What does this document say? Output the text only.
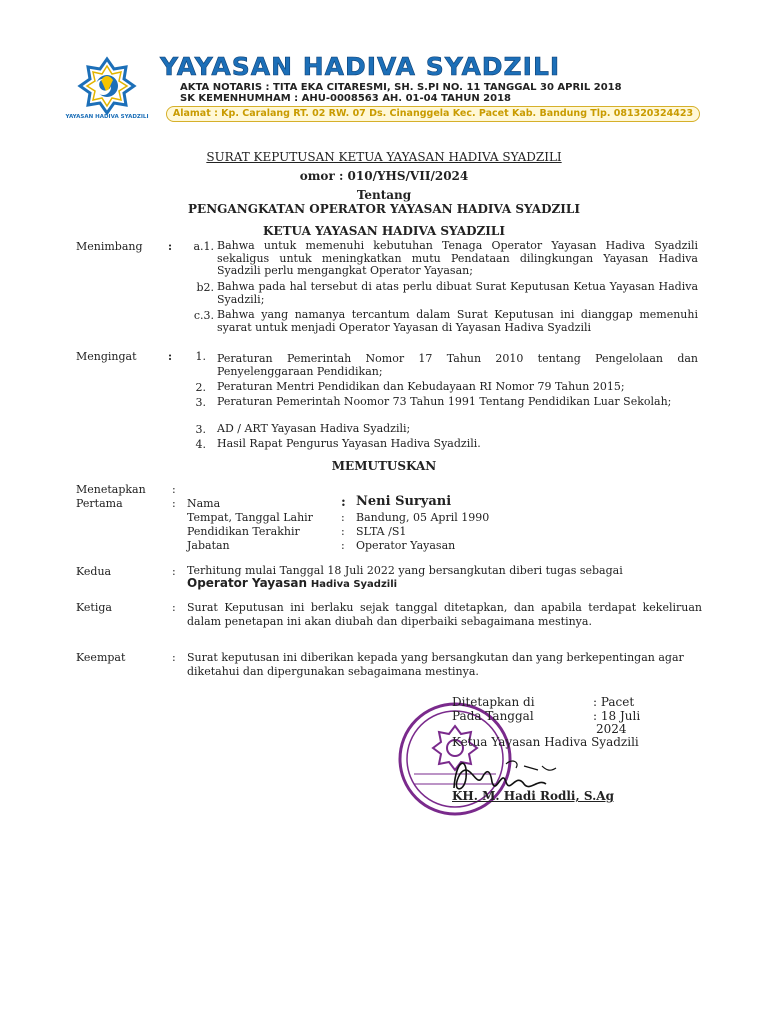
YAYASAN HADIVA SYADZILI
YAYASAN HADIVA SYADZILI
AKTA NOTARIS : TITA EKA CITARESMI, SH. S.PI NO. 11 TANGGAL 30 APRIL 2018
SK KEMENHUMHAM : AHU-0008563 AH. 01-04 TAHUN 2018
Alamat : Kp. Caralang RT. 02 RW. 07 Ds. Cinanggela Kec. Pacet Kab. Bandung Tlp. 081320324423
SURAT KEPUTUSAN KETUA YAYASAN HADIVA SYADZILI
omor : 010/YHS/VII/2024
Tentang
PENGANGKATAN OPERATOR YAYASAN HADIVA SYADZILI
KETUA YAYASAN HADIVA SYADZILI
Menimbang :	a.1. Bahwa untuk memenuhi kebutuhan Tenaga Operator Yayasan Hadiva Syadzili sekaligus untuk meningkatkan mutu Pendataan dilingkungan Yayasan Hadiva Syadzili perlu mengangkat Operator Yayasan;
b2. Bahwa pada hal tersebut di atas perlu dibuat Surat Keputusan Ketua Yayasan Hadiva Syadzili;
c.3. Bahwa yang namanya tercantum dalam Surat Keputusan ini dianggap memenuhi syarat untuk menjadi Operator Yayasan di Yayasan Hadiva Syadzili
Mengingat	:	1. Peraturan Pemerintah Nomor 17 Tahun 2010 tentang Pengelolaan dan Penyelenggaraan Pendidikan;
2. Peraturan Mentri Pendidikan dan Kebudayaan RI Nomor 79 Tahun 2015;
3. Peraturan Pemerintah Noomor 73 Tahun 1991 Tentang Pendidikan Luar Sekolah;
3. AD / ART Yayasan Hadiva Syadzili;
4. Hasil Rapat Pengurus Yayasan Hadiva Syadzili.
MEMUTUSKAN
Menetapkan :
Pertama	: Nama	: Neni Suryani
Tempat, Tanggal Lahir	: Bandung, 05 April 1990
Pendidikan Terakhir	: SLTA /S1
Jabatan	: Operator Yayasan
Kedua	: Terhitung mulai Tanggal 18 Juli 2022 yang bersangkutan diberi tugas sebagai
Operator Yayasan Hadiva Syadzili
Ketiga	: Surat Keputusan ini berlaku sejak tanggal ditetapkan, dan apabila terdapat kekeliruan dalam penetapan ini akan diubah dan diperbaiki sebagaimana mestinya.
Keempat	: Surat keputusan ini diberikan kepada yang bersangkutan dan yang berkepentingan agar diketahui dan dipergunakan sebagaimana mestinya.
Ditetapkan di	: Pacet
Pada Tanggal	: 18 Juli
2024
Ketua Yayasan Hadiva Syadzili
KH. M. Hadi Rodli, S.Ag
